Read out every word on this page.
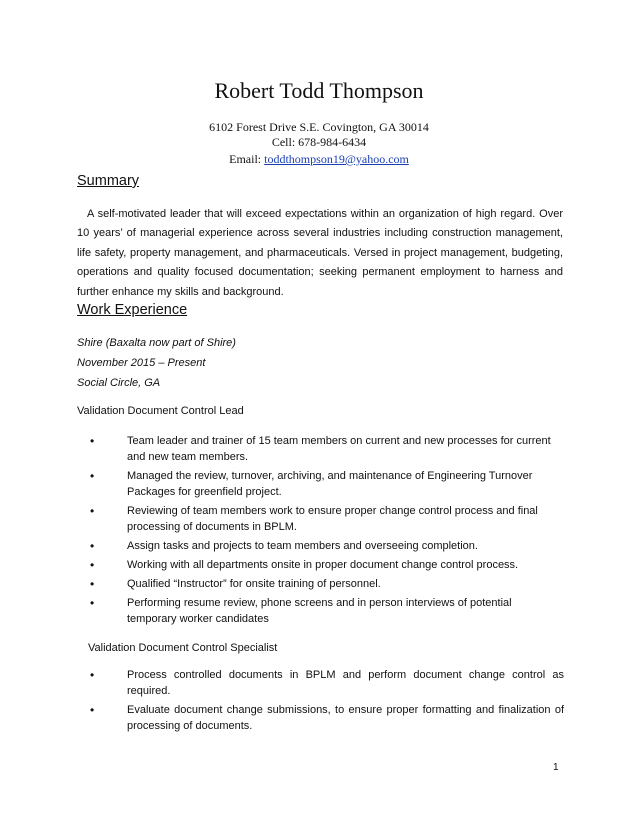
Robert Todd Thompson
6102 Forest Drive S.E. Covington, GA 30014
Cell: 678-984-6434
Email: toddthompson19@yahoo.com
Summary
A self-motivated leader that will exceed expectations within an organization of high regard. Over 10 years’ of managerial experience across several industries including construction management, life safety, property management, and pharmaceuticals. Versed in project management, budgeting, operations and quality focused documentation; seeking permanent employment to harness and further enhance my skills and background.
Work Experience
Shire (Baxalta now part of Shire)
November 2015 – Present
Social Circle, GA
Validation Document Control Lead
•	Team leader and trainer of 15 team members on current and new processes for current and new team members.
•	Managed the review, turnover, archiving, and maintenance of Engineering Turnover Packages for greenfield project.
•	Reviewing of team members work to ensure proper change control process and final processing of documents in BPLM.
•	Assign tasks and projects to team members and overseeing completion.
•	Working with all departments onsite in proper document change control process.
•	Qualified “Instructor” for onsite training of personnel.
•	Performing resume review, phone screens and in person interviews of potential temporary worker candidates
Validation Document Control Specialist
•	Process controlled documents in BPLM and perform document change control as required.
•	Evaluate document change submissions, to ensure proper formatting and finalization of processing of documents.
1
